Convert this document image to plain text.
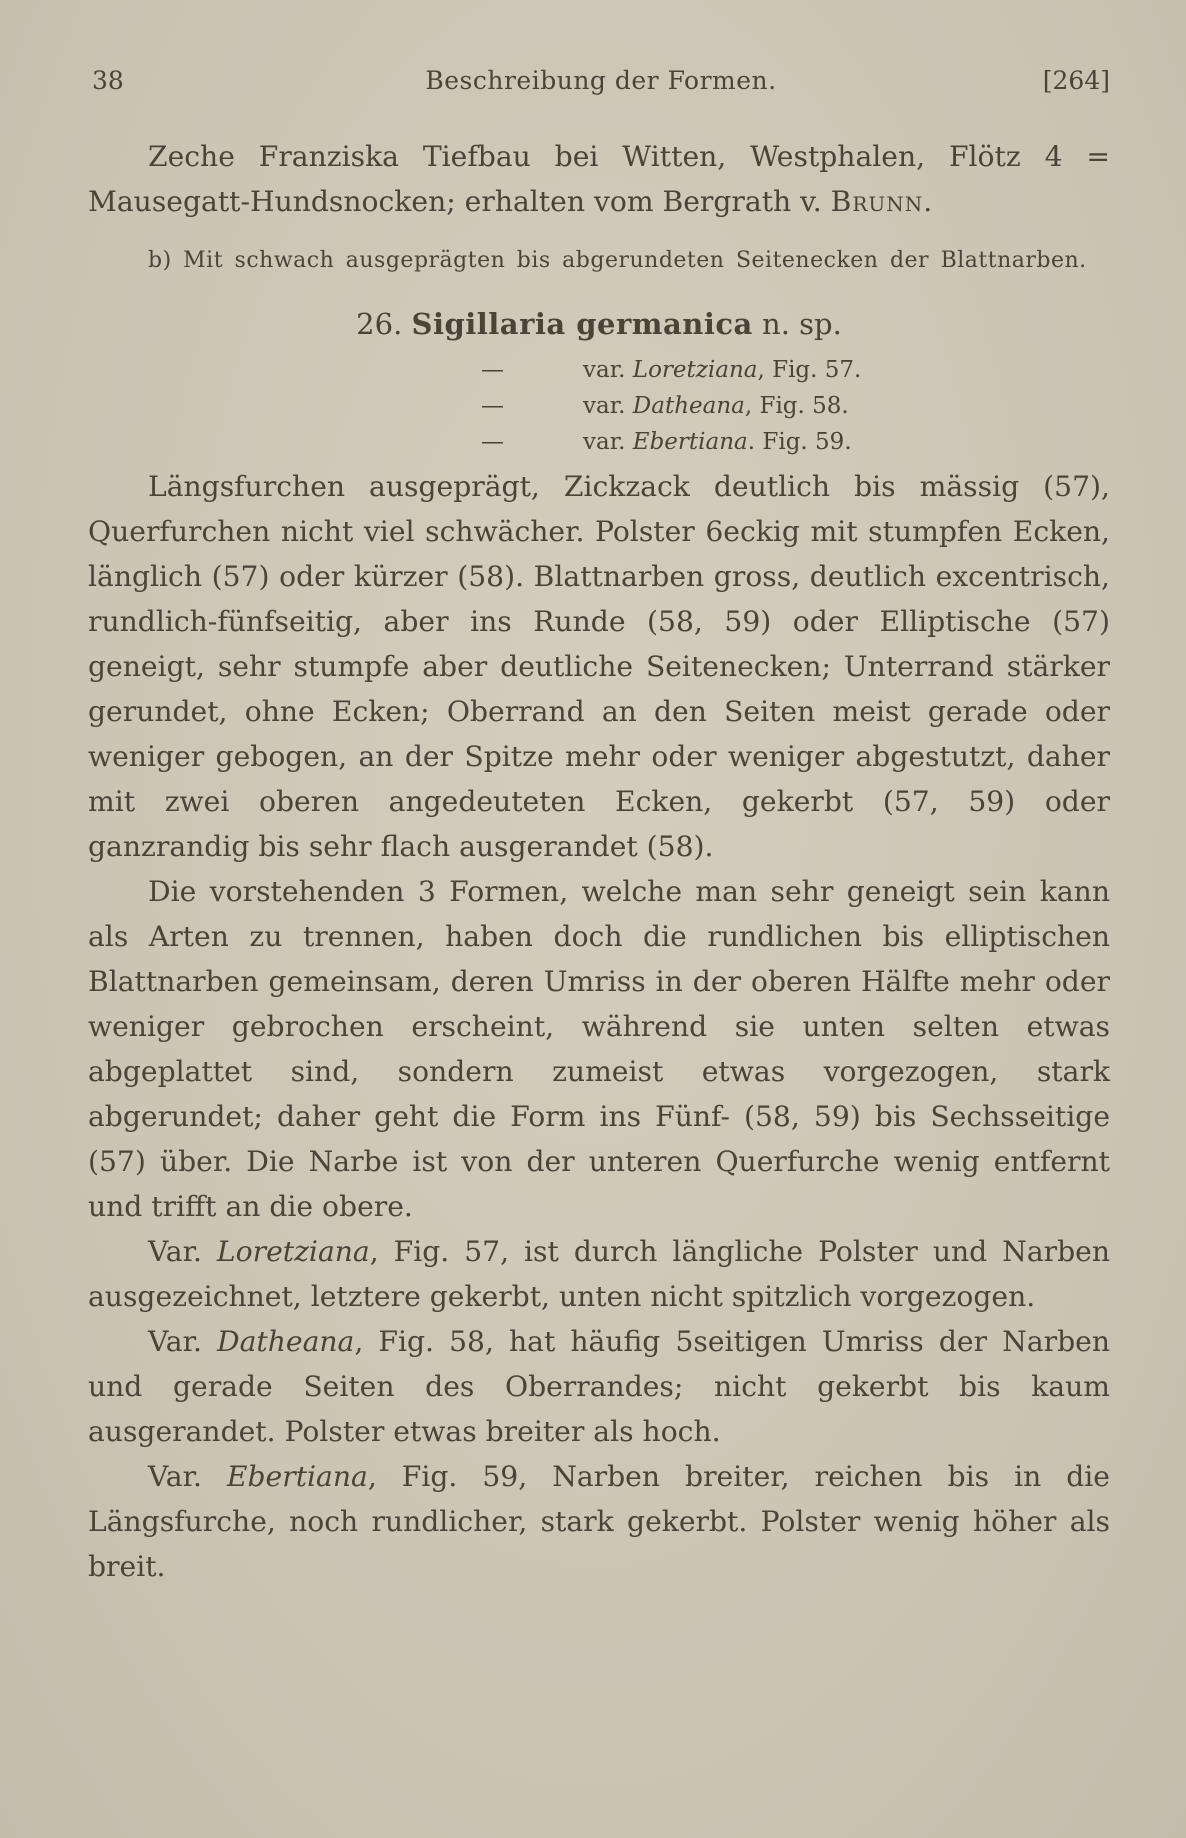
38	Beschreibung der Formen.	[264]

Zeche Franziska Tiefbau bei Witten, Westphalen, Flötz 4 = Mausegatt-Hundsnocken; erhalten vom Bergrath v. Brunn.

b) Mit schwach ausgeprägten bis abgerundeten Seitenecken der Blattnarben.

26. Sigillaria germanica n. sp.

—	var. Loretziana, Fig. 57.
—	var. Datheana, Fig. 58.
—	var. Ebertiana. Fig. 59.

Längsfurchen ausgeprägt, Zickzack deutlich bis mässig (57), Querfurchen nicht viel schwächer. Polster 6eckig mit stumpfen Ecken, länglich (57) oder kürzer (58). Blattnarben gross, deutlich excentrisch, rundlich-fünfseitig, aber ins Runde (58, 59) oder Elliptische (57) geneigt, sehr stumpfe aber deutliche Seitenecken; Unterrand stärker gerundet, ohne Ecken; Oberrand an den Seiten meist gerade oder weniger gebogen, an der Spitze mehr oder weniger abgestutzt, daher mit zwei oberen angedeuteten Ecken, gekerbt (57, 59) oder ganzrandig bis sehr flach ausgerandet (58).

Die vorstehenden 3 Formen, welche man sehr geneigt sein kann als Arten zu trennen, haben doch die rundlichen bis elliptischen Blattnarben gemeinsam, deren Umriss in der oberen Hälfte mehr oder weniger gebrochen erscheint, während sie unten selten etwas abgeplattet sind, sondern zumeist etwas vorgezogen, stark abgerundet; daher geht die Form ins Fünf- (58, 59) bis Sechsseitige (57) über. Die Narbe ist von der unteren Querfurche wenig entfernt und trifft an die obere.

Var. Loretziana, Fig. 57, ist durch längliche Polster und Narben ausgezeichnet, letztere gekerbt, unten nicht spitzlich vorgezogen.

Var. Datheana, Fig. 58, hat häufig 5seitigen Umriss der Narben und gerade Seiten des Oberrandes; nicht gekerbt bis kaum ausgerandet. Polster etwas breiter als hoch.

Var. Ebertiana, Fig. 59, Narben breiter, reichen bis in die Längsfurche, noch rundlicher, stark gekerbt. Polster wenig höher als breit.
